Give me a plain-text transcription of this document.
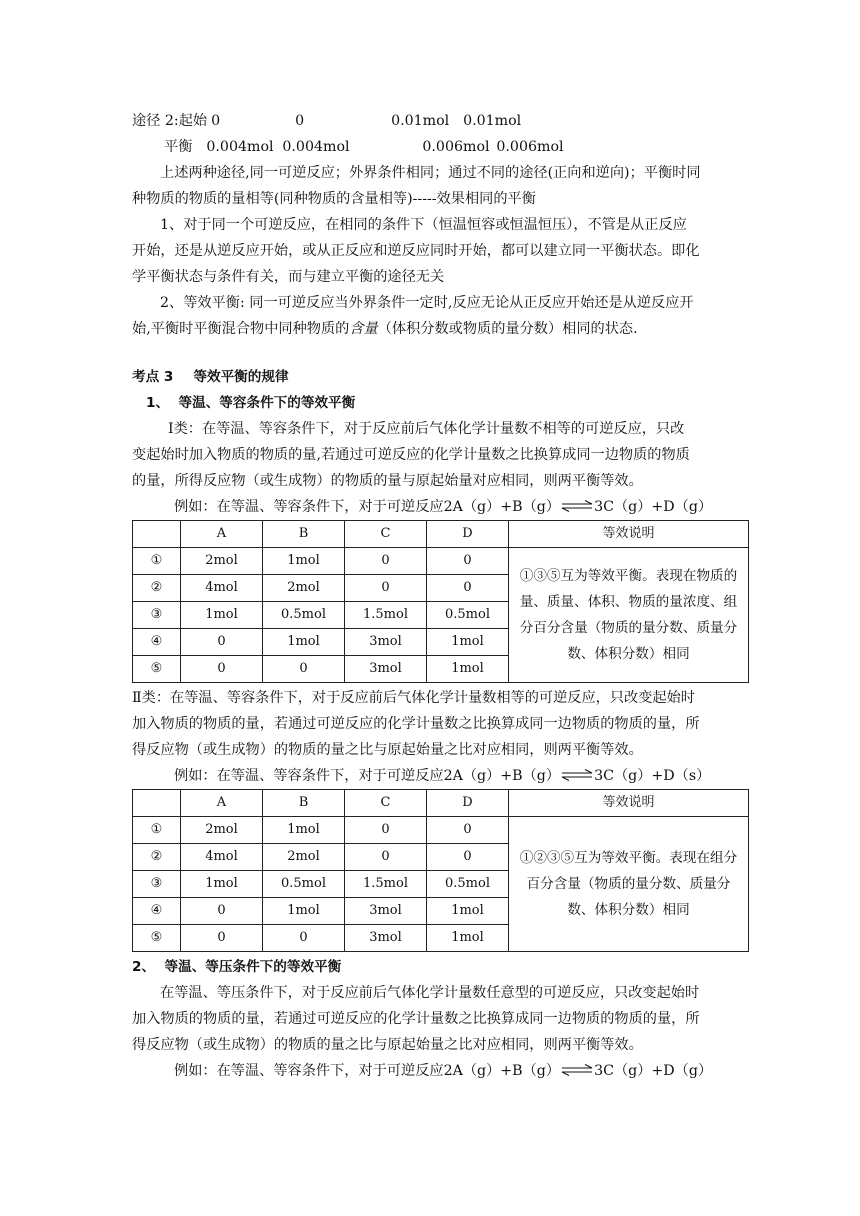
途径 2:起始 0	0	0.01mol 0.01mol
平衡 0.004mol 0.004mol	0.006mol 0.006mol
上述两种途径,同一可逆反应；外界条件相同；通过不同的途径(正向和逆向)；平衡时同
种物质的物质的量相等(同种物质的含量相等)-----效果相同的平衡
1、对于同一个可逆反应，在相同的条件下（恒温恒容或恒温恒压），不管是从正反应
开始，还是从逆反应开始，或从正反应和逆反应同时开始，都可以建立同一平衡状态。即化
学平衡状态与条件有关，而与建立平衡的途径无关
2、等效平衡: 同一可逆反应当外界条件一定时,反应无论从正反应开始还是从逆反应开
始,平衡时平衡混合物中同种物质的含量（体积分数或物质的量分数）相同的状态.
考点 3 等效平衡的规律
1、  等温、等容条件下的等效平衡
Ⅰ类：在等温、等容条件下，对于反应前后气体化学计量数不相等的可逆反应，只改
变起始时加入物质的物质的量,若通过可逆反应的化学计量数之比换算成同一边物质的物质
的量，所得反应物（或生成物）的物质的量与原起始量对应相同，则两平衡等效。
例如：在等温、等容条件下，对于可逆反应2A（g）+B（g）⇌3C（g）+D（g）
	A	B	C	D	等效说明
①	2mol	1mol	0	0	①③⑤互为等效平衡。表现在物质的量、质量、体积、物质的量浓度、组分百分含量（物质的量分数、质量分数、体积分数）相同
②	4mol	2mol	0	0	
③	1mol	0.5mol	1.5mol	0.5mol	
④	0	1mol	3mol	1mol	
⑤	0	0	3mol	1mol	
Ⅱ类：在等温、等容条件下，对于反应前后气体化学计量数相等的可逆反应，只改变起始时
加入物质的物质的量，若通过可逆反应的化学计量数之比换算成同一边物质的物质的量，所
得反应物（或生成物）的物质的量之比与原起始量之比对应相同，则两平衡等效。
例如：在等温、等容条件下，对于可逆反应2A（g）+B（g）⇌3C（g）+D（s）
	A	B	C	D	等效说明
①	2mol	1mol	0	0	①②③⑤互为等效平衡。表现在组分百分含量（物质的量分数、质量分数、体积分数）相同
②	4mol	2mol	0	0	
③	1mol	0.5mol	1.5mol	0.5mol	
④	0	1mol	3mol	1mol	
⑤	0	0	3mol	1mol	
2、  等温、等压条件下的等效平衡
在等温、等压条件下，对于反应前后气体化学计量数任意型的可逆反应，只改变起始时
加入物质的物质的量，若通过可逆反应的化学计量数之比换算成同一边物质的物质的量，所
得反应物（或生成物）的物质的量之比与原起始量之比对应相同，则两平衡等效。
例如：在等温、等容条件下，对于可逆反应2A（g）+B（g）⇌3C（g）+D（g）
